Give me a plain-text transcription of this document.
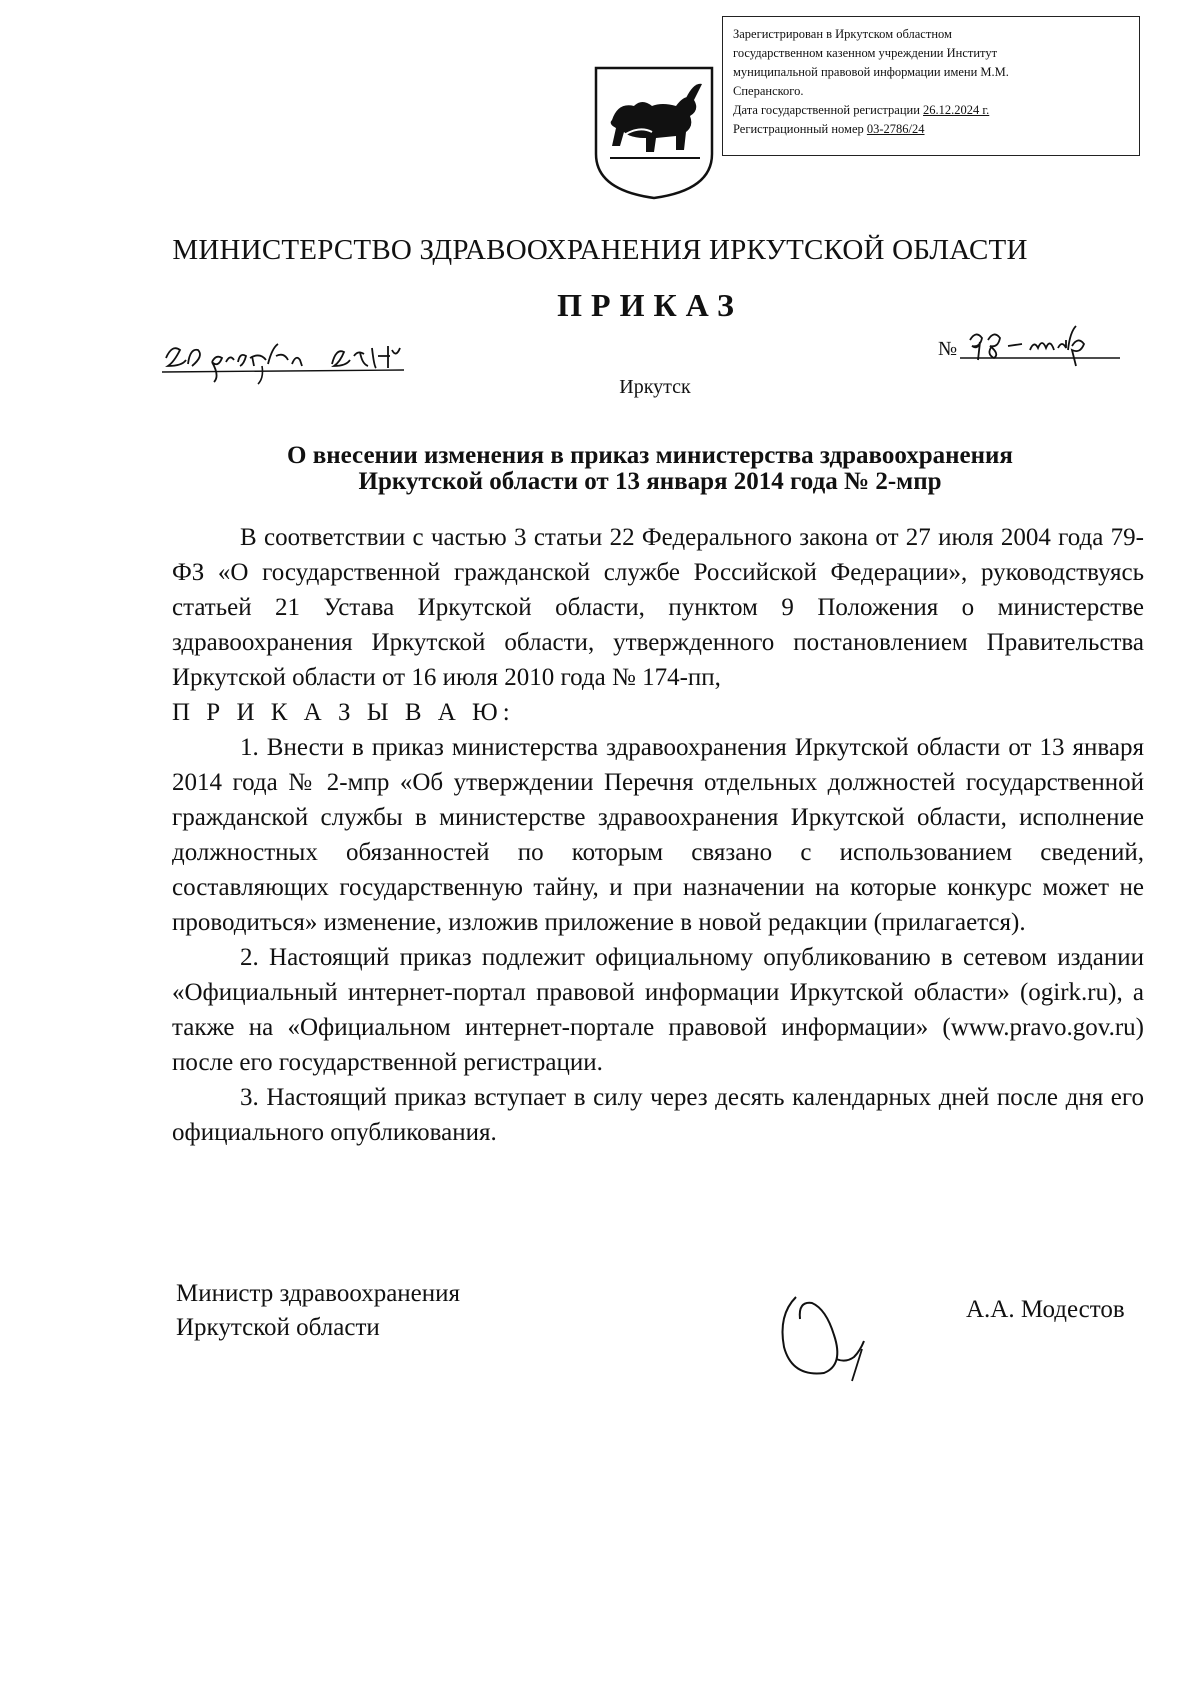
Зарегистрирован в Иркутском областном
государственном казенном учреждении Институт
муниципальной правовой информации имени М.М.
Сперанского.
Дата государственной регистрации 26.12.2024 г.
Регистрационный номер 03-2786/24
МИНИСТЕРСТВО ЗДРАВООХРАНЕНИЯ ИРКУТСКОЙ ОБЛАСТИ
ПРИКАЗ
№
Иркутск
О внесении изменения в приказ министерства здравоохранения
Иркутской области от 13 января 2014 года № 2-мпр

В соответствии с частью 3 статьи 22 Федерального закона от 27 июля 2004 года 79-ФЗ «О государственной гражданской службе Российской Федерации», руководствуясь статьей 21 Устава Иркутской области, пунктом 9 Положения о министерстве здравоохранения Иркутской области, утвержденного постановлением Правительства Иркутской области от 16 июля 2010 года № 174-пп,

П Р И К А З Ы В А Ю:

1. Внести в приказ министерства здравоохранения Иркутской области от 13 января 2014 года № 2-мпр «Об утверждении Перечня отдельных должностей государственной гражданской службы в министерстве здравоохранения Иркутской области, исполнение должностных обязанностей по которым связано с использованием сведений, составляющих государственную тайну, и при назначении на которые конкурс может не проводиться» изменение, изложив приложение в новой редакции (прилагается).

2. Настоящий приказ подлежит официальному опубликованию в сетевом издании «Официальный интернет-портал правовой информации Иркутской области» (ogirk.ru), а также на «Официальном интернет-портале правовой информации» (www.pravo.gov.ru) после его государственной регистрации.

3. Настоящий приказ вступает в силу через десять календарных дней после дня его официального опубликования.

Министр здравоохранения
Иркутской области
А.А. Модестов
